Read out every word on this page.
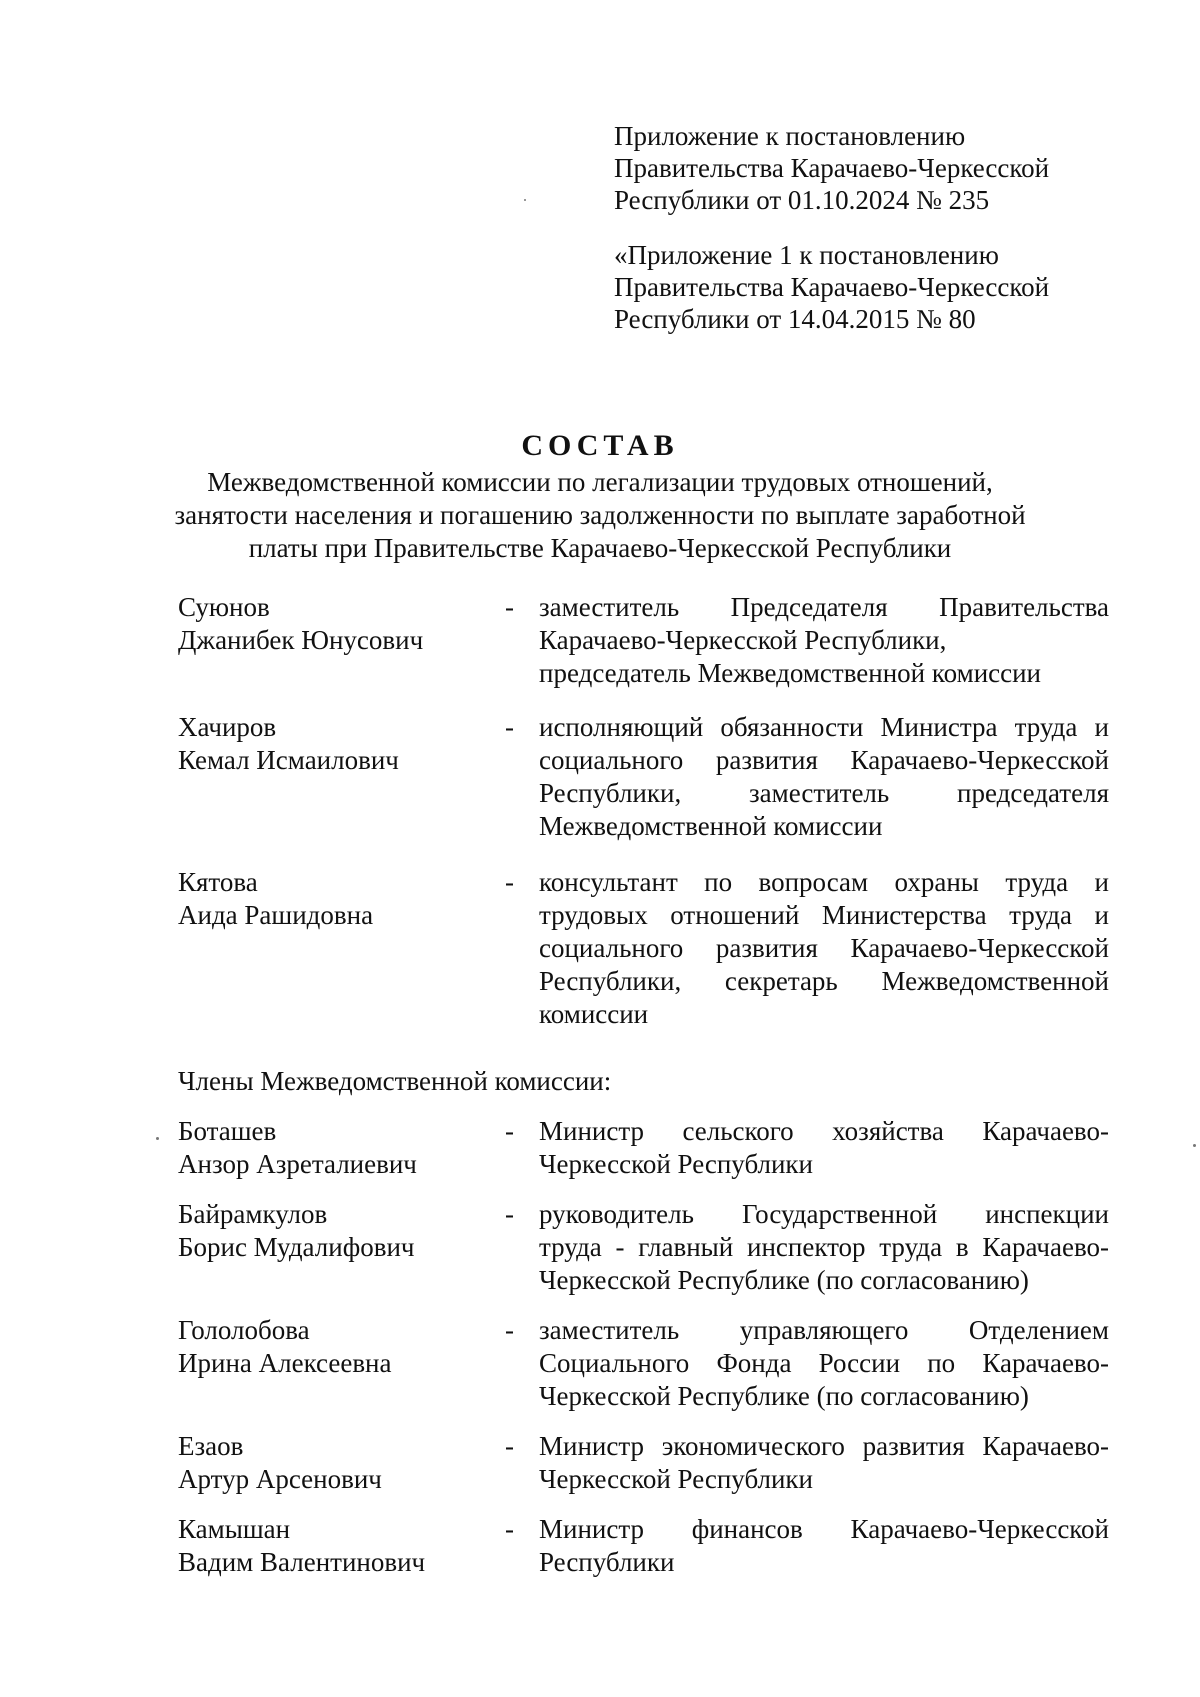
Приложение к постановлению
Правительства Карачаево-Черкесской
Республики от 01.10.2024 № 235
«Приложение 1 к постановлению
Правительства Карачаево-Черкесской
Республики от 14.04.2015 № 80
СОСТАВ
Межведомственной комиссии по легализации трудовых отношений,
занятости населения и погашению задолженности по выплате заработной
платы при Правительстве Карачаево-Черкесской Республики
Суюнов
Джанибек Юнусович
- заместитель Председателя Правительства
Карачаево-Черкесской Республики,
председатель Межведомственной комиссии
Хачиров
Кемал Исмаилович
- исполняющий обязанности Министра труда и
социального развития Карачаево-Черкесской
Республики, заместитель председателя
Межведомственной комиссии
Кятова
Аида Рашидовна
- консультант по вопросам охраны труда и
трудовых отношений Министерства труда и
социального развития Карачаево-Черкесской
Республики, секретарь Межведомственной
комиссии
Члены Межведомственной комиссии:
Боташев
Анзор Азреталиевич
- Министр сельского хозяйства Карачаево-
Черкесской Республики
Байрамкулов
Борис Мудалифович
- руководитель Государственной инспекции
труда - главный инспектор труда в Карачаево-
Черкесской Республике (по согласованию)
Гололобова
Ирина Алексеевна
- заместитель управляющего Отделением
Социального Фонда России по Карачаево-
Черкесской Республике (по согласованию)
Езаов
Артур Арсенович
- Министр экономического развития Карачаево-
Черкесской Республики
Камышан
Вадим Валентинович
- Министр финансов Карачаево-Черкесской
Республики
